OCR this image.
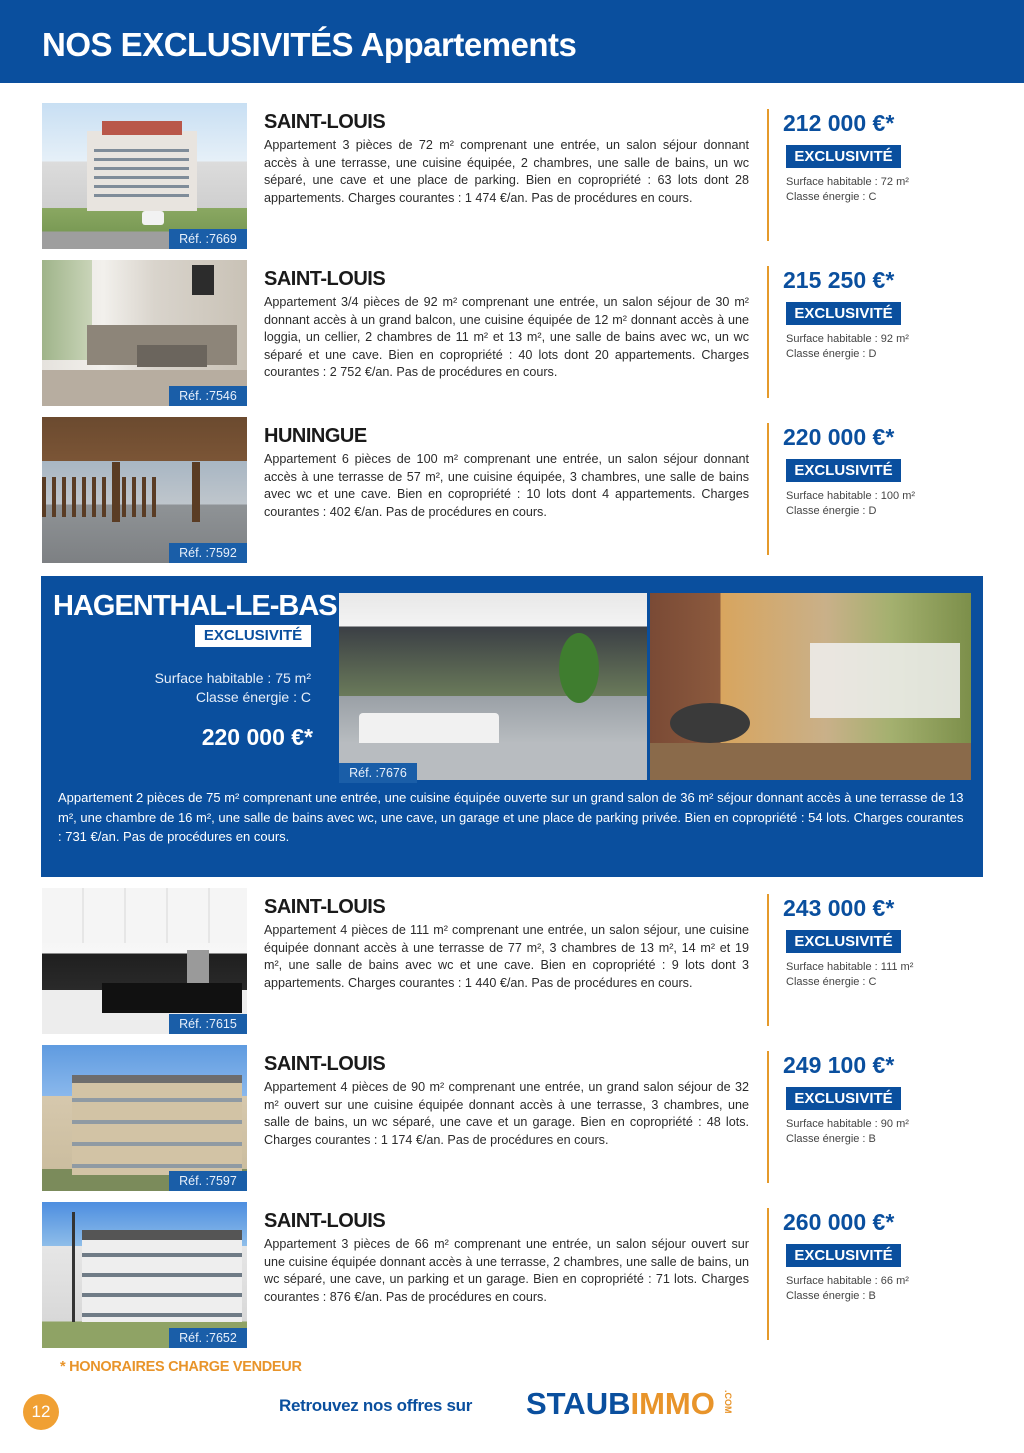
NOS EXCLUSIVITÉS Appartements
Réf. :7669
SAINT-LOUIS
Appartement 3 pièces de 72 m² comprenant une entrée, un salon séjour donnant accès à une terrasse, une cuisine équipée, 2 chambres, une salle de bains, un wc séparé, une cave et une place de parking. Bien en copropriété : 63 lots dont 28 appartements. Charges courantes : 1 474 €/an. Pas de procédures en cours.
212 000 €*
EXCLUSIVITÉ
Surface habitable : 72 m²
Classe énergie : C
Réf. :7546
SAINT-LOUIS
Appartement 3/4 pièces de 92 m² comprenant une entrée, un salon séjour de 30 m² donnant accès à un grand balcon, une cuisine équipée de 12 m² donnant accès à une loggia, un cellier, 2 chambres de 11 m² et 13 m², une salle de bains avec wc, un wc séparé et une cave. Bien en copropriété : 40 lots dont 20 appartements. Charges courantes : 2 752 €/an. Pas de procédures en cours.
215 250 €*
EXCLUSIVITÉ
Surface habitable : 92 m²
Classe énergie : D
Réf. :7592
HUNINGUE
Appartement 6 pièces de 100 m² comprenant une entrée, un salon séjour donnant accès à une terrasse de 57 m², une cuisine équipée, 3 chambres, une salle de bains avec wc et une cave. Bien en copropriété : 10 lots dont 4 appartements. Charges courantes : 402 €/an. Pas de procédures en cours.
220 000 €*
EXCLUSIVITÉ
Surface habitable : 100 m²
Classe énergie : D
HAGENTHAL-LE-BAS
EXCLUSIVITÉ
Surface habitable : 75 m²
Classe énergie : C
220 000 €*
Réf. :7676
Appartement 2 pièces de 75 m² comprenant une entrée, une cuisine équipée ouverte sur un grand salon de 36 m² séjour donnant accès à une terrasse de 13 m², une chambre de 16 m², une salle de bains avec wc, une cave, un garage et une place de parking privée. Bien en copropriété : 54 lots. Charges courantes : 731 €/an. Pas de procédures en cours.
Réf. :7615
SAINT-LOUIS
Appartement 4 pièces de 111 m² comprenant une entrée, un salon séjour, une cuisine équipée donnant accès à une terrasse de 77 m², 3 chambres de 13 m², 14 m² et 19 m², une salle de bains avec wc et une cave. Bien en copropriété : 9 lots dont 3 appartements. Charges courantes : 1 440 €/an. Pas de procédures en cours.
243 000 €*
EXCLUSIVITÉ
Surface habitable : 111 m²
Classe énergie : C
Réf. :7597
SAINT-LOUIS
Appartement 4 pièces de 90 m² comprenant une entrée, un grand salon séjour de 32 m² ouvert sur une cuisine équipée donnant accès à une terrasse, 3 chambres, une salle de bains, un wc séparé, une cave et un garage. Bien en copropriété : 48 lots. Charges courantes : 1 174 €/an. Pas de procédures en cours.
249 100 €*
EXCLUSIVITÉ
Surface habitable : 90 m²
Classe énergie : B
Réf. :7652
SAINT-LOUIS
Appartement 3 pièces de 66 m² comprenant une entrée, un salon séjour ouvert sur une cuisine équipée donnant accès à une terrasse, 2 chambres, une salle de bains, un wc séparé, une cave, un parking et un garage. Bien en copropriété : 71 lots. Charges courantes : 876 €/an. Pas de procédures en cours.
260 000 €*
EXCLUSIVITÉ
Surface habitable : 66 m²
Classe énergie : B
* HONORAIRES CHARGE VENDEUR
12	Retrouvez nos offres sur STAUBIMMO .COM
